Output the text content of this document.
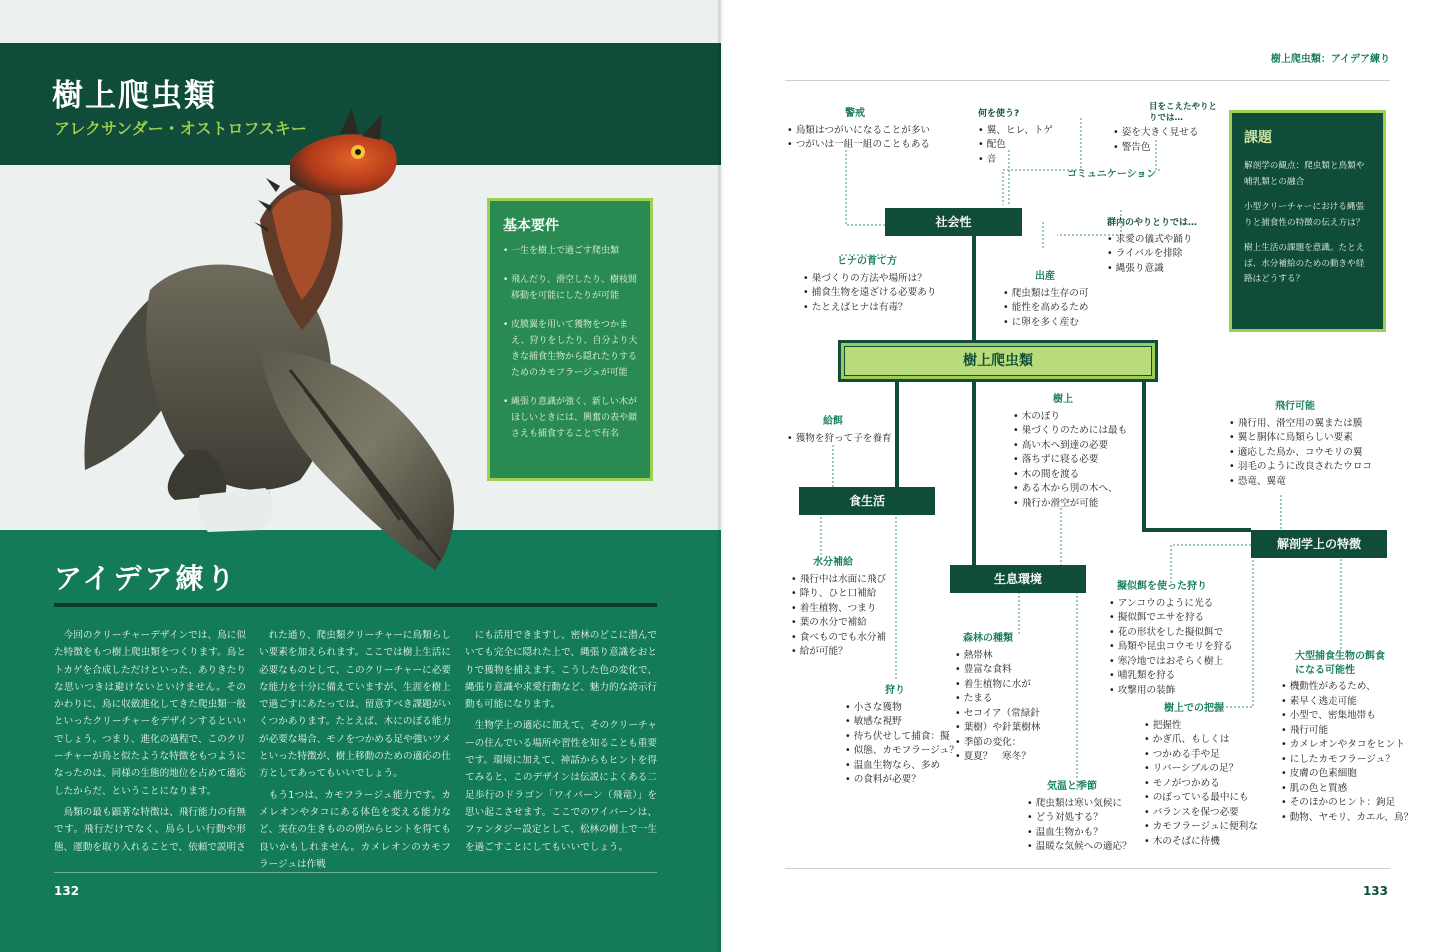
樹上爬虫類
アレクサンダー・オストロフスキー
基本要件
• 一生を樹上で過ごす爬虫類
• 飛んだり、滑空したり、樹枝間移動を可能にしたりが可能
• 皮膜翼を用いて獲物をつかまえ、狩りをしたり、自分より大きな捕食生物から隠れたりするためのカモフラージュが可能
• 縄張り意識が強く、新しい木がほしいときには、興奮の表や顔さえも捕食することで有名
アイデア練り

今回のクリーチャーデザインでは、鳥に似た特徴をもつ樹上爬虫類をつくります。鳥とトカゲを合成しただけといった、ありきたりな思いつきは避けないといけません。そのかわりに、鳥に収斂進化してきた爬虫類一般といったクリーチャーをデザインするといいでしょう。つまり、進化の過程で、このクリーチャーが鳥と似たような特徴をもつようになったのは、同様の生態的地位を占めて適応したからだ、ということになります。

鳥類の最も顕著な特徴は、飛行能力の有無です。飛行だけでなく、鳥らしい行動や形態、運動を取り入れることで、依頼で説明さ

れた通り、爬虫類クリーチャーに鳥類らしい要素を加えられます。ここでは樹上生活に必要なものとして、このクリーチャーに必要な能力を十分に備えていますが、生涯を樹上で過ごすにあたっては、留意すべき課題がいくつかあります。たとえば、木にのぼる能力が必要な場合、モノをつかめる足や強いツメといった特徴が、樹上移動のための適応の仕方としてあってもいいでしょう。

もう1つは、カモフラージュ能力です。カメレオンやタコにある体色を変える能力など、実在の生きものの例からヒントを得ても良いかもしれません。カメレオンのカモフラージュは作戦

にも活用できますし、密林のどこに潜んでいても完全に隠れた上で、縄張り意識をおとりで獲物を捕えます。こうした色の変化で、縄張り意識や求愛行動など、魅力的な誇示行動も可能になります。

生物学上の適応に加えて、そのクリーチャーの住んでいる場所や習性を知ることも重要です。環境に加えて、神話からもヒントを得てみると、このデザインは伝説によくある二足歩行のドラゴン「ワイバーン（飛竜）」を思い起こさせます。ここでのワイバーンは、ファンタジー設定として、松林の樹上で一生を過ごすことにしてもいいでしょう。

132
樹上爬虫類：アイデア練り
社会性
コミュニケーション
食生活
生息環境
解剖学上の特徴
樹上爬虫類
警戒
• 鳥類はつがいになることが多い
• つがいは一組一組のこともある
何を使う?
• 翼、ヒレ、トゲ
• 配色
• 音
目をこえたやりとりでは…
• 姿を大きく見せる
• 警告色
ヒナの育て方
• 巣づくりの方法や場所は？
• 捕食生物を遠ざける必要あり
• たとえばヒナは有毒？
出産
• 爬虫類は生存の可
• 能性を高めるため
• に卵を多く産む
群内のやりとりでは…
• 求愛の儀式や踊り
• ライバルを排除
• 縄張り意識
給餌
• 獲物を狩って子を養育
樹上
• 木のぼり
• 巣づくりのためには最も
• 高い木へ到達の必要
• 落ちずに寝る必要
• 木の間を渡る
• ある木から別の木へ、
• 飛行か滑空が可能
飛行可能
• 飛行用、滑空用の翼または膜
• 翼と胴体に鳥類らしい要素
• 適応した鳥か、コウモリの翼
• 羽毛のように改良されたウロコ
• 恐竜、翼竜
水分補給
• 飛行中は水面に飛び
• 降り、ひと口補給
• 着生植物、つまり
• 葉の水分で補給
• 食べものでも水分補
• 給が可能？
森林の種類
• 熱帯林
• 豊富な食料
• 着生植物に水が
• たまる
• セコイア（常緑針
• 葉樹）や針葉樹林
• 季節の変化：
• 夏夏？　寒冬？
狩り
• 小さな獲物
• 敏感な視野
• 待ち伏せして捕食：擬
• 似態、カモフラージュ？
• 温血生物なら、多め
• の食料が必要？
気温と季節
• 爬虫類は寒い気候に
• どう対処する？
• 温血生物かも？
• 温暖な気候への適応？
擬似餌を使った狩り
• アンコウのように光る
• 擬似餌でエサを狩る
• 花の形状をした擬似餌で
• 鳥類や昆虫コウモリを狩る
• 寒冷地ではおそらく樹上
• 哺乳類を狩る
• 攻撃用の装飾
樹上での把握
• 把握性
• かぎ爪、もしくは
• つかめる手や足
• リバーシブルの足？
• モノがつかめる
• のぼっている最中にも
• バランスを保つ必要
• カモフラージュに便利な
• 木のそばに待機
大型捕食生物の餌食になる可能性
• 機動性があるため、
• 素早く逃走可能
• 小型で、密集地帯も
• 飛行可能
• カメレオンやタコをヒント
• にしたカモフラージュ？
• 皮膚の色素細胞
• 肌の色と質感
• そのほかのヒント：鉤足
• 動物、ヤモリ、カエル、鳥？
課題
解剖学の観点：爬虫類と鳥類や哺乳類との融合
小型クリーチャーにおける縄張りと捕食性の特徴の伝え方は？
樹上生活の課題を意識。たとえば、水分補給のための動きや経路はどうする？
133
